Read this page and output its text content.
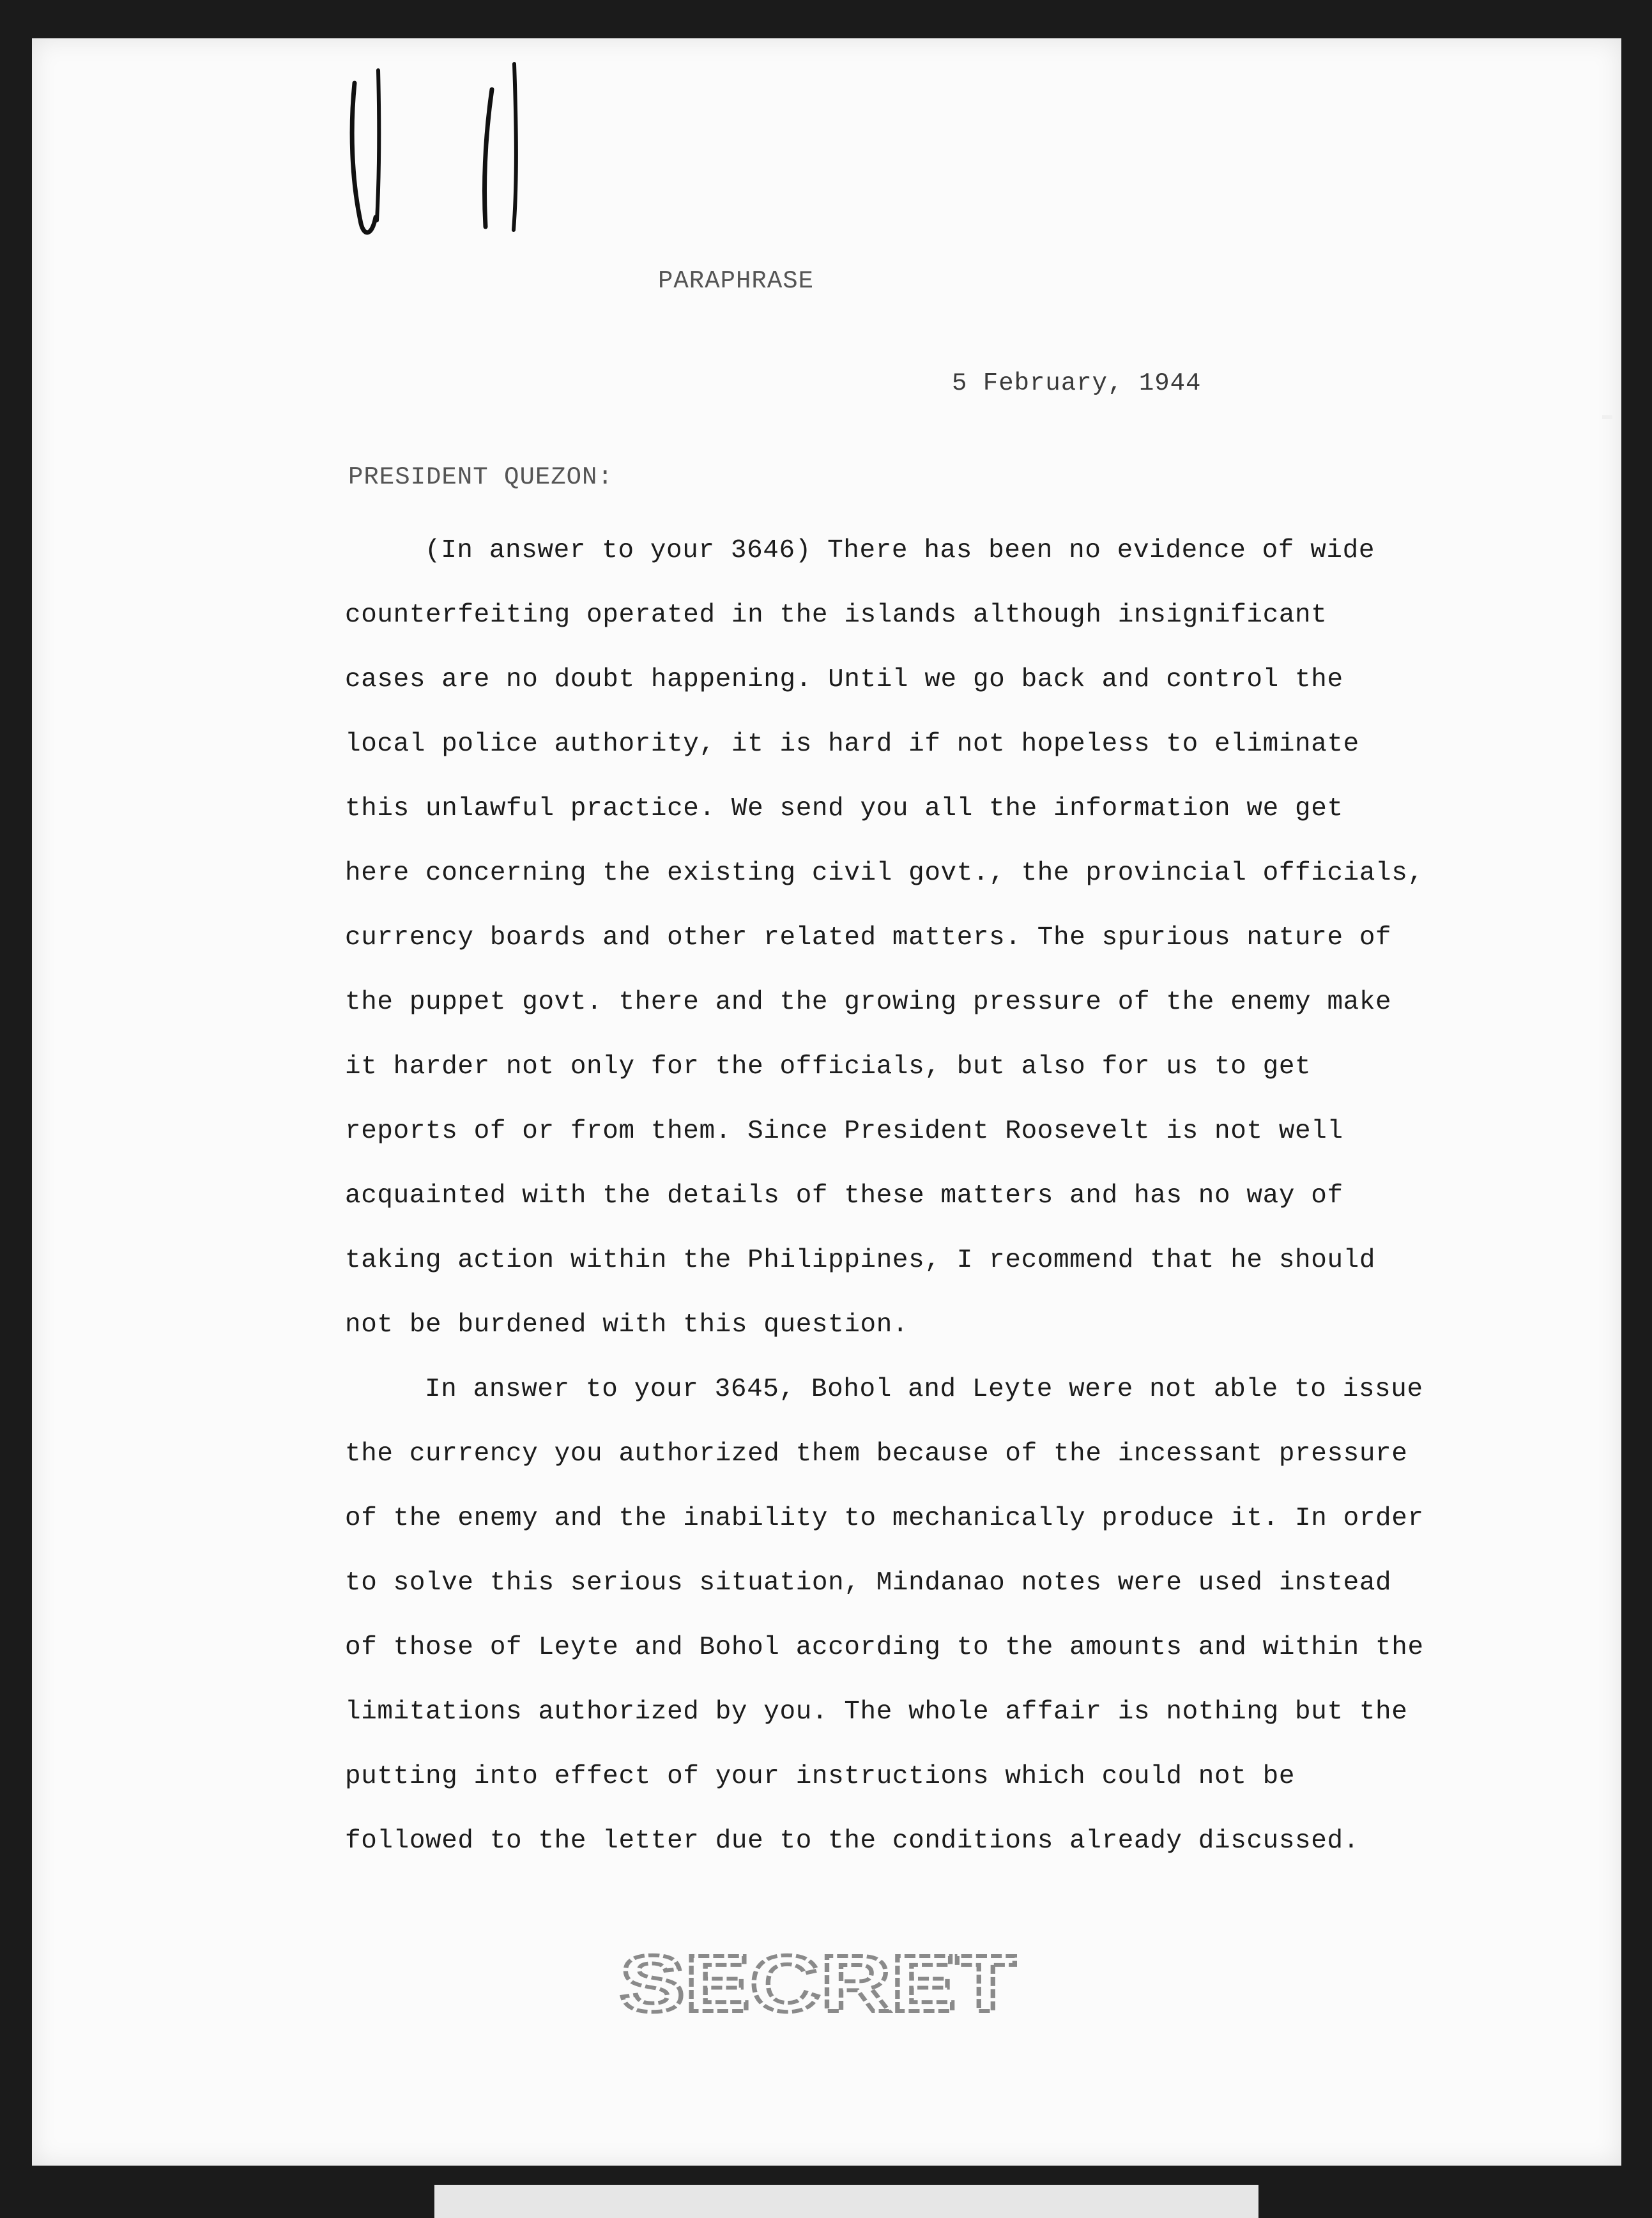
PARAPHRASE
5 February, 1944
PRESIDENT QUEZON:
(In answer to your 3646) There has been no evidence of wide
counterfeiting operated in the islands although insignificant
cases are no doubt happening. Until we go back and control the
local police authority, it is hard if not hopeless to eliminate
this unlawful practice. We send you all the information we get
here concerning the existing civil govt., the provincial officials,
currency boards and other related matters. The spurious nature of
the puppet govt. there and the growing pressure of the enemy make
it harder not only for the officials, but also for us to get
reports of or from them. Since President Roosevelt is not well
acquainted with the details of these matters and has no way of
taking action within the Philippines, I recommend that he should
not be burdened with this question.
In answer to your 3645, Bohol and Leyte were not able to issue
the currency you authorized them because of the incessant pressure
of the enemy and the inability to mechanically produce it. In order
to solve this serious situation, Mindanao notes were used instead
of those of Leyte and Bohol according to the amounts and within the
limitations authorized by you. The whole affair is nothing but the
putting into effect of your instructions which could not be
followed to the letter due to the conditions already discussed.
SECRET
